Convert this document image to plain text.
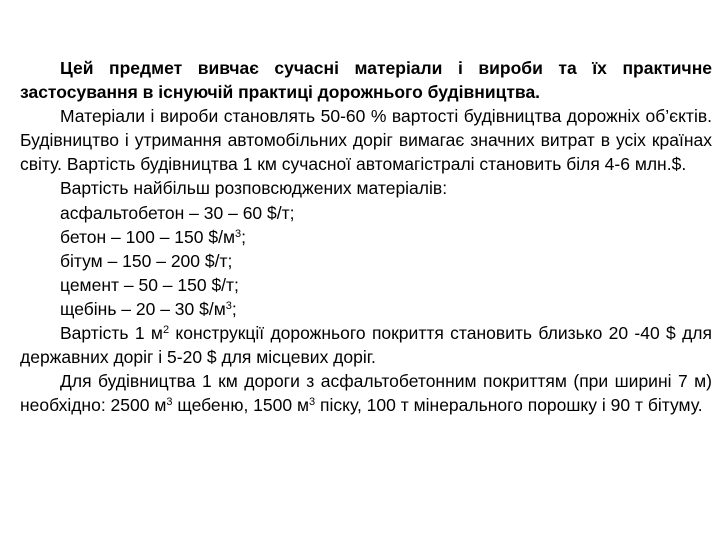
Цей предмет вивчає сучасні матеріали і вироби та їх практичне застосування в існуючій практиці дорожнього будівництва.

Матеріали і вироби становлять 50-60 % вартості будівництва дорожніх об’єктів. Будівництво і утримання автомобільних доріг вимагає значних витрат в усіх країнах світу. Вартість будівництва 1 км сучасної автомагістралі становить біля 4-6 млн.$.

Вартість найбільш розповсюджених матеріалів:

асфальтобетон – 30 – 60 $/т;
бетон – 100 – 150 $\$/м^3$;
бітум – 150 – 200 $/т;
цемент – 50 – 150 $/т;
щебінь – 20 – 30 $\$/м^3$;

Вартість 1 $м^2$ конструкції дорожнього покриття становить близько 20 -40 $ для державних доріг і 5-20 $ для місцевих доріг.

Для будівництва 1 км дороги з асфальтобетонним покриттям (при ширині 7 м) необхідно: 2500 $м^3$ щебеню, 1500 $м^3$ піску, 100 т мінерального порошку і 90 т бітуму.
